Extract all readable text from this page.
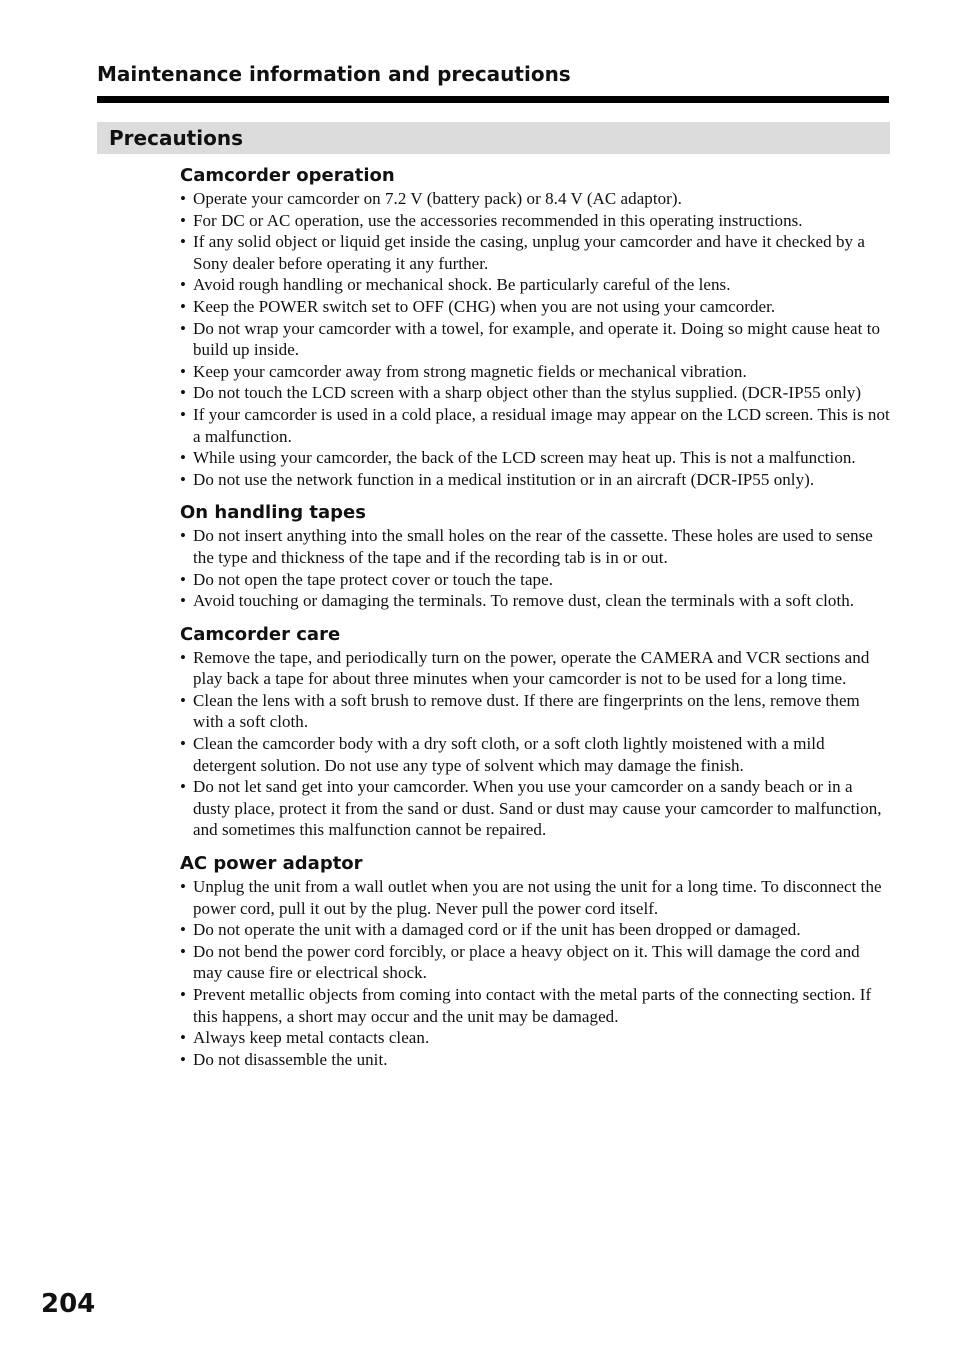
Maintenance information and precautions
Precautions
Camcorder operation
• Operate your camcorder on 7.2 V (battery pack) or 8.4 V (AC adaptor).
• For DC or AC operation, use the accessories recommended in this operating instructions.
• If any solid object or liquid get inside the casing, unplug your camcorder and have it checked by a Sony dealer before operating it any further.
• Avoid rough handling or mechanical shock. Be particularly careful of the lens.
• Keep the POWER switch set to OFF (CHG) when you are not using your camcorder.
• Do not wrap your camcorder with a towel, for example, and operate it. Doing so might cause heat to build up inside.
• Keep your camcorder away from strong magnetic fields or mechanical vibration.
• Do not touch the LCD screen with a sharp object other than the stylus supplied. (DCR-IP55 only)
• If your camcorder is used in a cold place, a residual image may appear on the LCD screen. This is not a malfunction.
• While using your camcorder, the back of the LCD screen may heat up. This is not a malfunction.
• Do not use the network function in a medical institution or in an aircraft (DCR-IP55 only).
On handling tapes
• Do not insert anything into the small holes on the rear of the cassette. These holes are used to sense the type and thickness of the tape and if the recording tab is in or out.
• Do not open the tape protect cover or touch the tape.
• Avoid touching or damaging the terminals. To remove dust, clean the terminals with a soft cloth.
Camcorder care
• Remove the tape, and periodically turn on the power, operate the CAMERA and VCR sections and play back a tape for about three minutes when your camcorder is not to be used for a long time.
• Clean the lens with a soft brush to remove dust. If there are fingerprints on the lens, remove them with a soft cloth.
• Clean the camcorder body with a dry soft cloth, or a soft cloth lightly moistened with a mild detergent solution. Do not use any type of solvent which may damage the finish.
• Do not let sand get into your camcorder. When you use your camcorder on a sandy beach or in a dusty place, protect it from the sand or dust. Sand or dust may cause your camcorder to malfunction, and sometimes this malfunction cannot be repaired.
AC power adaptor
• Unplug the unit from a wall outlet when you are not using the unit for a long time. To disconnect the power cord, pull it out by the plug. Never pull the power cord itself.
• Do not operate the unit with a damaged cord or if the unit has been dropped or damaged.
• Do not bend the power cord forcibly, or place a heavy object on it. This will damage the cord and may cause fire or electrical shock.
• Prevent metallic objects from coming into contact with the metal parts of the connecting section. If this happens, a short may occur and the unit may be damaged.
• Always keep metal contacts clean.
• Do not disassemble the unit.
204
